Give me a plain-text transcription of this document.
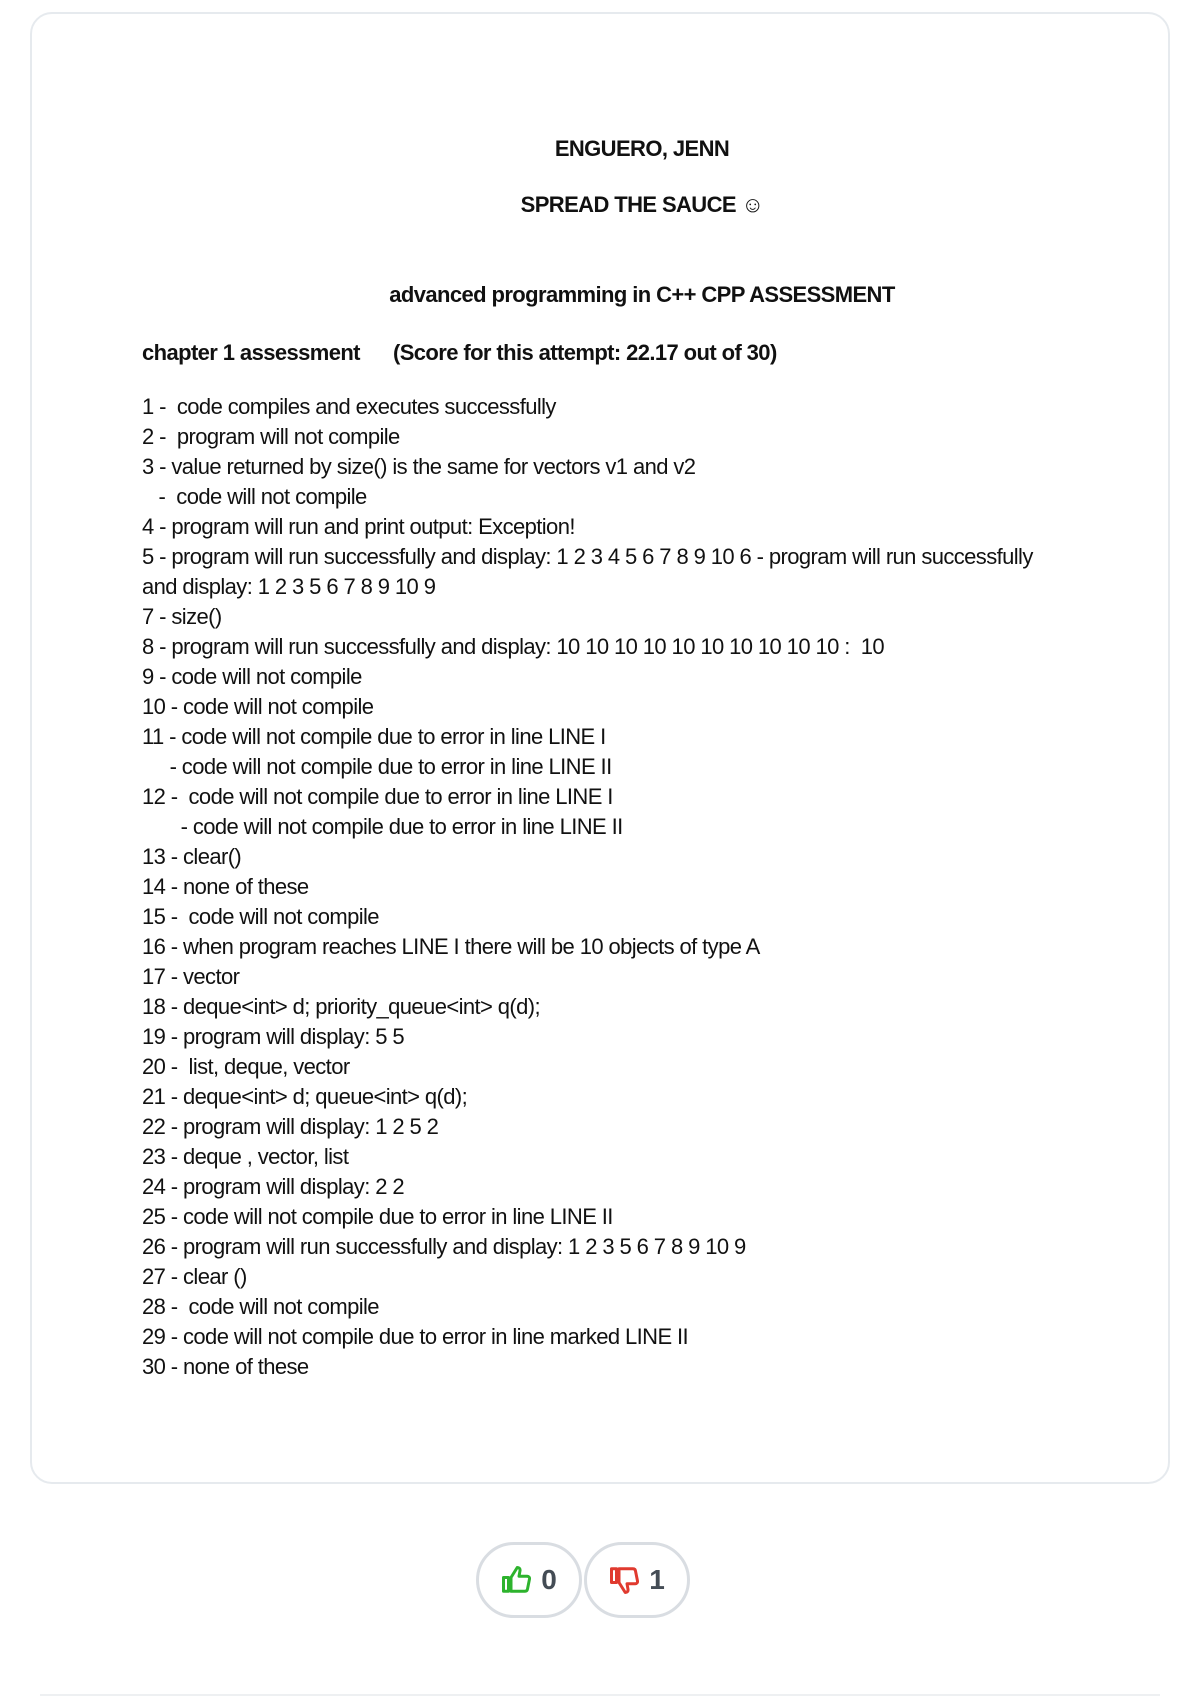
ENGUERO, JENN

SPREAD THE SAUCE ☺

advanced programming in C++ CPP ASSESSMENT

chapter 1 assessment (Score for this attempt: 22.17 out of 30)

1 -  code compiles and executes successfully

2 -  program will not compile

3 - value returned by size() is the same for vectors v1 and v2

-  code will not compile

4 - program will run and print output: Exception!

5 - program will run successfully and display: 1 2 3 4 5 6 7 8 9 10 6 - program will run successfully and display: 1 2 3 5 6 7 8 9 10 9

7 - size()

8 - program will run successfully and display: 10 10 10 10 10 10 10 10 10 10 :  10

9 - code will not compile

10 - code will not compile

11 - code will not compile due to error in line LINE I

- code will not compile due to error in line LINE II

12 -  code will not compile due to error in line LINE I

- code will not compile due to error in line LINE II

13 - clear()

14 - none of these

15 -  code will not compile

16 - when program reaches LINE I there will be 10 objects of type A

17 - vector

18 - deque<int> d; priority_queue<int> q(d);

19 - program will display: 5 5

20 -  list, deque, vector

21 - deque<int> d; queue<int> q(d);

22 - program will display: 1 2 5 2

23 - deque , vector, list

24 - program will display: 2 2

25 - code will not compile due to error in line LINE II

26 - program will run successfully and display: 1 2 3 5 6 7 8 9 10 9

27 - clear ()

28 -  code will not compile

29 - code will not compile due to error in line marked LINE II

30 - none of these

0	1
